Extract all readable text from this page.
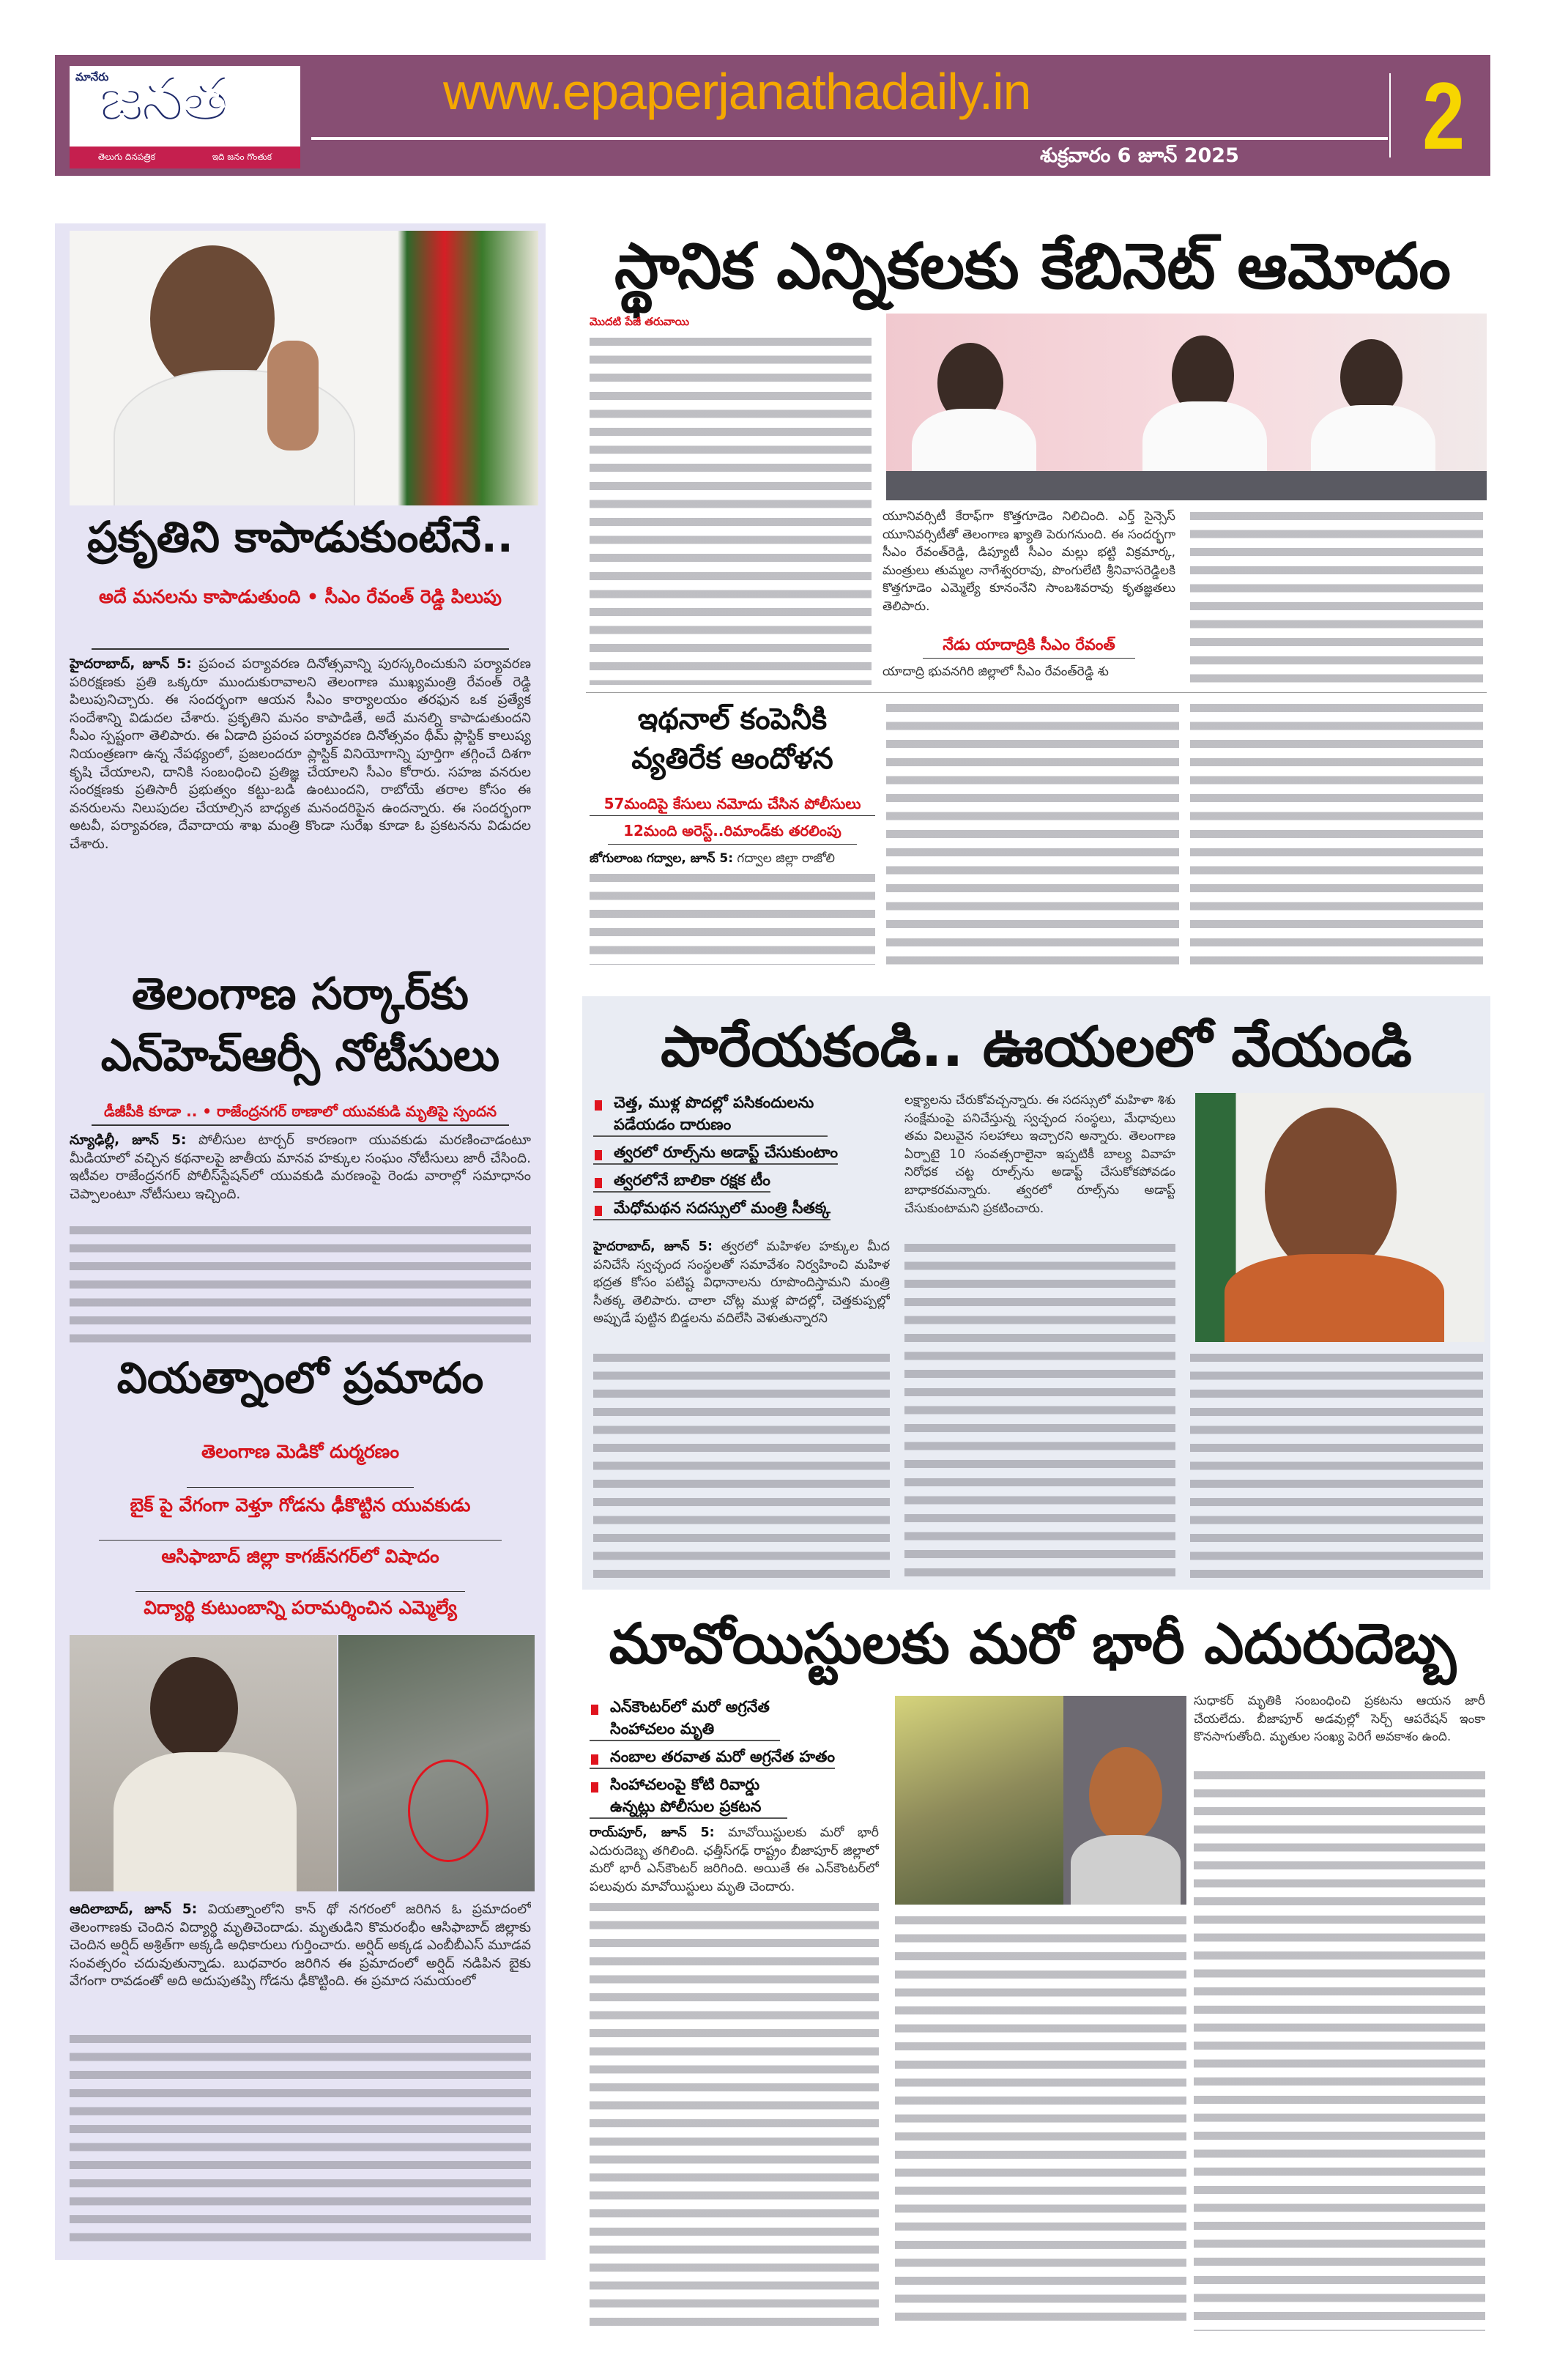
మానేరు
జనత
తెలుగు దినపత్రిక	ఇది జనం గొంతుక
www.epaperjanathadaily.in
శుక్రవారం 6 జూన్ 2025 2
ప్రకృతిని కాపాడుకుంటేనే..
అదే మనలను కాపాడుతుంది • సీఎం రేవంత్ రెడ్డి పిలుపు
హైదరాబాద్, జూన్ 5: ప్రపంచ పర్యావరణ దినోత్సవాన్ని పురస్కరించుకుని పర్యావరణ పరిరక్షణకు ప్రతి ఒక్కరూ ముందుకురావాలని తెలంగాణ ముఖ్యమంత్రి రేవంత్ రెడ్డి పిలుపునిచ్చారు. ఈ సందర్భంగా ఆయన సీఎం కార్యాలయం తరఫున ఒక ప్రత్యేక సందేశాన్ని విడుదల చేశారు. ప్రకృతిని మనం కాపాడితే, అదే మనల్ని కాపాడుతుందని సీఎం స్పష్టంగా తెలిపారు. ఈ ఏడాది ప్రపంచ పర్యావరణ దినోత్సవం థీమ్ ప్లాస్టిక్ కాలుష్య నియంత్రణగా ఉన్న నేపథ్యంలో, ప్రజలందరూ ప్లాస్టిక్ వినియోగాన్ని పూర్తిగా తగ్గించే దిశగా కృషి చేయాలని, దానికి సంబంధించి ప్రతిజ్ఞ చేయాలని సీఎం కోరారు. సహజ వనరుల సంరక్షణకు ప్రతిసారీ ప్రభుత్వం కట్టు-బడి ఉంటుందని, రాబోయే తరాల కోసం ఈ వనరులను నిలుపుదల చేయాల్సిన బాధ్యత మనందరిపైన ఉందన్నారు. ఈ సందర్భంగా అటవీ, పర్యావరణ, దేవాదాయ శాఖ మంత్రి కొండా సురేఖ కూడా ఓ ప్రకటనను విడుదల చేశారు.
తెలంగాణ సర్కార్‌కు ఎన్‌హెచ్‌ఆర్సీ నోటీసులు
డీజీపీకి కూడా .. • రాజేంద్రనగర్ ఠాణాలో యువకుడి మృతిపై స్పందన
న్యూఢిల్లీ, జూన్ 5: పోలీసుల టార్చర్ కారణంగా యువకుడు మరణించాడంటూ మీడియాలో వచ్చిన కథనాలపై జాతీయ మానవ హక్కుల సంఘం నోటీసులు జారీ చేసింది. ఇటీవల రాజేంద్రనగర్ పోలీస్‌స్టేషన్‌లో యువకుడి మరణంపై రెండు వారాల్లో సమాధానం చెప్పాలంటూ నోటీసులు ఇచ్చింది.
వియత్నాంలో ప్రమాదం
తెలంగాణ మెడికో దుర్మరణం
బైక్ పై వేగంగా వెళ్తూ గోడను ఢీకొట్టిన యువకుడు
ఆసిఫాబాద్ జిల్లా కాగజ్‌నగర్‌లో విషాదం
విద్యార్థి కుటుంబాన్ని పరామర్శించిన ఎమ్మెల్యే
ఆదిలాబాద్, జూన్ 5: వియత్నాంలోని కాన్ థో నగరంలో జరిగిన ఓ ప్రమాదంలో తెలంగాణకు చెందిన విద్యార్థి మృతిచెందాడు. మృతుడిని కొమరంభీం ఆసిఫాబాద్ జిల్లాకు చెందిన అర్షిద్ అశ్రిత్‌గా అక్కడి అధికారులు గుర్తించారు. అర్షిద్ అక్కడ ఎంబీబీఎస్ మూడవ సంవత్సరం చదువుతున్నాడు. బుధవారం జరిగిన ఈ ప్రమాదంలో అర్షిద్ నడిపిన బైకు వేగంగా రావడంతో అది అదుపుతప్పి గోడను ఢీకొట్టింది. ఈ ప్రమాద సమయంలో
స్థానిక ఎన్నికలకు కేబినెట్ ఆమోదం
మొదటి పేజీ తరువాయి
యూనివర్సిటీ కేరాఫ్‌గా కొత్తగూడెం నిలిచింది. ఎర్త్ సైన్సెస్ యూనివర్సిటీతో తెలంగాణ ఖ్యాతి పెరుగనుంది. ఈ సందర్భగా సీఎం రేవంత్‌రెడ్డి, డిప్యూటీ సీఎం మల్లు భట్టి విక్రమార్క, మంత్రులు తుమ్మల నాగేశ్వరరావు, పొంగులేటి శ్రీనివాసరెడ్డిలకి కొత్తగూడెం ఎమ్మెల్యే కూనంనేని సాంబశివరావు కృతజ్ఞతలు తెలిపారు.
నేడు యాదాద్రికి సీఎం రేవంత్
యాదాద్రి భువనగిరి జిల్లాలో సీఎం రేవంత్‌రెడ్డి శు
ఇథనాల్ కంపెనీకి వ్యతిరేక ఆందోళన
57మందిపై కేసులు నమోదు చేసిన పోలీసులు
12మంది అరెస్ట్..రిమాండ్‌కు తరలింపు
జోగులాంబ గద్వాల, జూన్ 5: గద్వాల జిల్లా రాజోలి
పారేయకండి.. ఊయలలో వేయండి
చెత్త, ముళ్ల పొదల్లో పసికందులను పడేయడం దారుణం
త్వరలో రూల్స్‌ను అడాప్ట్ చేసుకుంటాం
త్వరలోనే బాలికా రక్షక టీం
మేధోమథన సదస్సులో మంత్రి సీతక్క
హైదరాబాద్, జూన్ 5: త్వరలో మహిళల హక్కుల మీద పనిచేసే స్వచ్ఛంద సంస్థలతో సమావేశం నిర్వహించి మహిళ భద్రత కోసం పటిష్ట విధానాలను రూపొందిస్తామని మంత్రి సీతక్క తెలిపారు. చాలా చోట్ల ముళ్ల పొదల్లో, చెత్తకుప్పల్లో అప్పుడే పుట్టిన బిడ్డలను వదిలేసి వెళుతున్నారని
లక్ష్యాలను చేరుకోవచ్చన్నారు. ఈ సదస్సులో మహిళా శిశు సంక్షేమంపై పనిచేస్తున్న స్వచ్ఛంద సంస్థలు, మేధావులు తమ విలువైన సలహాలు ఇచ్చారని అన్నారు. తెలంగాణ ఏర్పాటై 10 సంవత్సరాలైనా ఇప్పటికీ బాల్య వివాహ నిరోధక చట్ట రూల్స్‌ను అడాప్ట్ చేసుకోకపోవడం బాధాకరమన్నారు. త్వరలో రూల్స్‌ను అడాప్ట్ చేసుకుంటామని ప్రకటించారు.
మావోయిస్టులకు మరో భారీ ఎదురుదెబ్బ
ఎన్‌కౌంటర్‌లో మరో అగ్రనేత సింహాచలం మృతి
నంబాల తరవాత మరో అగ్రనేత హతం
సింహాచలంపై కోటి రివార్డు ఉన్నట్లు పోలీసుల ప్రకటన
రాయ్‌పూర్, జూన్ 5: మావోయిస్టులకు మరో భారీ ఎదురుదెబ్బ తగిలింది. ఛత్తీస్‌గఢ్ రాష్ట్రం బీజాపూర్ జిల్లాలో మరో భారీ ఎన్‌కౌంటర్ జరిగింది. అయితే ఈ ఎన్‌కౌంటర్‌లో పలువురు మావోయిస్టులు మృతి చెందారు.
సుధాకర్ మృతికి సంబంధించి ప్రకటను ఆయన జారీ చేయలేదు. బీజాపూర్ అడవుల్లో సెర్చ్ ఆపరేషన్ ఇంకా కొనసాగుతోంది. మృతుల సంఖ్య పెరిగే అవకాశం ఉంది.
